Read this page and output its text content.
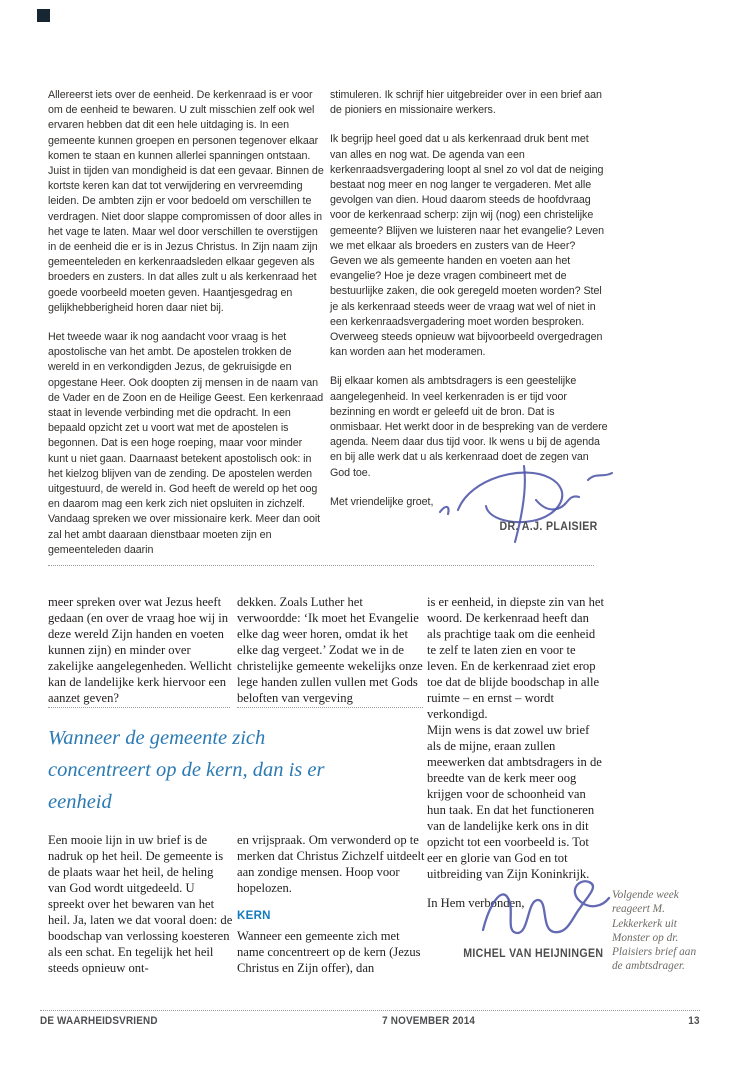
Allereerst iets over de eenheid. De kerkenraad is er voor om de eenheid te bewaren. U zult misschien zelf ook wel ervaren hebben dat dit een hele uitdaging is. In een gemeente kunnen groepen en personen tegenover elkaar komen te staan en kunnen allerlei spanningen ontstaan. Juist in tijden van mondigheid is dat een gevaar. Binnen de kortste keren kan dat tot verwijdering en vervreemding leiden. De ambten zijn er voor bedoeld om verschillen te verdragen. Niet door slappe compromissen of door alles in het vage te laten. Maar wel door verschillen te overstijgen in de eenheid die er is in Jezus Christus. In Zijn naam zijn gemeenteleden en kerkenraadsleden elkaar gegeven als broeders en zusters. In dat alles zult u als kerkenraad het goede voorbeeld moeten geven. Haantjesgedrag en gelijkhebberigheid horen daar niet bij.

Het tweede waar ik nog aandacht voor vraag is het apostolische van het ambt. De apostelen trokken de wereld in en verkondigden Jezus, de gekruisigde en opgestane Heer. Ook doopten zij mensen in de naam van de Vader en de Zoon en de Heilige Geest. Een kerkenraad staat in levende verbinding met die opdracht. In een bepaald opzicht zet u voort wat met de apostelen is begonnen. Dat is een hoge roeping, maar voor minder kunt u niet gaan. Daarnaast betekent apostolisch ook: in het kielzog blijven van de zending. De apostelen werden uitgestuurd, de wereld in. God heeft de wereld op het oog en daarom mag een kerk zich niet opsluiten in zichzelf. Vandaag spreken we over missionaire kerk. Meer dan ooit zal het ambt daaraan dienstbaar moeten zijn en gemeenteleden daarin

stimuleren. Ik schrijf hier uitgebreider over in een brief aan de pioniers en missionaire werkers.

Ik begrijp heel goed dat u als kerkenraad druk bent met van alles en nog wat. De agenda van een kerkenraadsvergadering loopt al snel zo vol dat de neiging bestaat nog meer en nog langer te vergaderen. Met alle gevolgen van dien. Houd daarom steeds de hoofdvraag voor de kerkenraad scherp: zijn wij (nog) een christelijke gemeente? Blijven we luisteren naar het evangelie? Leven we met elkaar als broeders en zusters van de Heer? Geven we als gemeente handen en voeten aan het evangelie? Hoe je deze vragen combineert met de bestuurlijke zaken, die ook geregeld moeten worden? Stel je als kerkenraad steeds weer de vraag wat wel of niet in een kerkenraadsvergadering moet worden besproken. Overweeg steeds opnieuw wat bijvoorbeeld overgedragen kan worden aan het moderamen.

Bij elkaar komen als ambtsdragers is een geestelijke aangelegenheid. In veel kerkenraden is er tijd voor bezinning en wordt er geleefd uit de bron. Dat is onmisbaar. Het werkt door in de bespreking van de verdere agenda. Neem daar dus tijd voor. Ik wens u bij de agenda en bij alle werk dat u als kerkenraad doet de zegen van God toe.

Met vriendelijke groet,

DR. A.J. PLAISIER

meer spreken over wat Jezus heeft gedaan (en over de vraag hoe wij in deze wereld Zijn handen en voeten kunnen zijn) en minder over zakelijke aangelegenheden. Wellicht kan de landelijke kerk hiervoor een aanzet geven?

Wanneer de gemeente zich concentreert op de kern, dan is er eenheid

Een mooie lijn in uw brief is de nadruk op het heil. De gemeente is de plaats waar het heil, de heling van God wordt uitgedeeld. U spreekt over het bewaren van het heil. Ja, laten we dat vooral doen: de boodschap van verlossing koesteren als een schat. En tegelijk het heil steeds opnieuw ont-

dekken. Zoals Luther het verwoordde: ‘Ik moet het Evangelie elke dag weer horen, omdat ik het elke dag vergeet.’ Zodat we in de christelijke gemeente wekelijks onze lege handen zullen vullen met Gods beloften van vergeving

en vrijspraak. Om verwonderd op te merken dat Christus Zichzelf uitdeelt aan zondige mensen. Hoop voor hopelozen.

KERN

Wanneer een gemeente zich met name concentreert op de kern (Jezus Christus en Zijn offer), dan

is er eenheid, in diepste zin van het woord. De kerkenraad heeft dan als prachtige taak om die eenheid te zelf te laten zien en voor te leven. En de kerkenraad ziet erop toe dat de blijde boodschap in alle ruimte – en ernst – wordt verkondigd.

Mijn wens is dat zowel uw brief als de mijne, eraan zullen meewerken dat ambtsdragers in de breedte van de kerk meer oog krijgen voor de schoonheid van hun taak. En dat het functioneren van de landelijke kerk ons in dit opzicht tot een voorbeeld is. Tot eer en glorie van God en tot uitbreiding van Zijn Koninkrijk.

In Hem verbonden,

MICHEL VAN HEIJNINGEN
Volgende week reageert M. Lekkerkerk uit Monster op dr. Plaisiers brief aan de ambtsdrager.
DE WAARHEIDSVRIEND	7 NOVEMBER 2014	13
